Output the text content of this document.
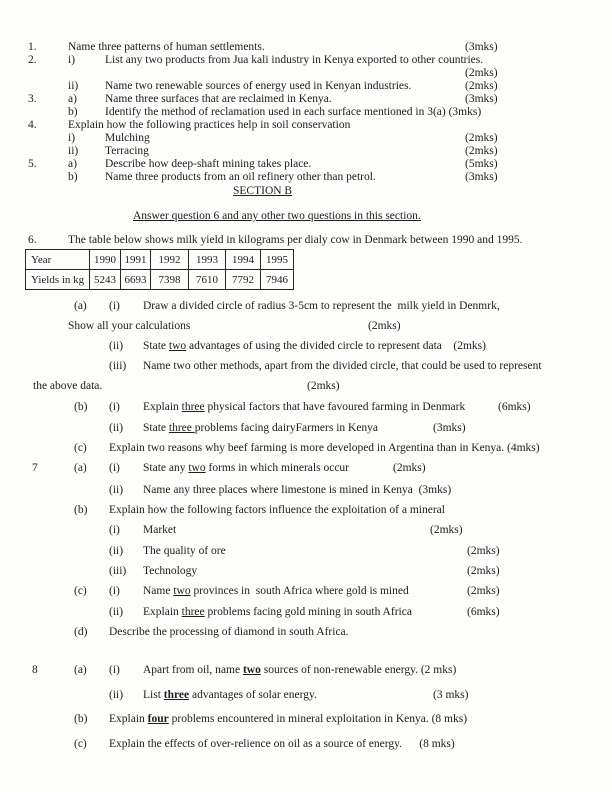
1.	Name three patterns of human settlements.	(3mks)
2.	i)	List any two products from Jua kali industry in Kenya exported to other countries.
(2mks)
ii) Name two renewable sources of energy used in Kenyan industries.	(2mks)
3.	a) Name three surfaces that are reclaimed in Kenya.	(3mks)
b) Identify the method of reclamation used in each surface mentioned in 3(a) (3mks)
4.	Explain how the following practices help in soil conservation
i)	Mulching	(2mks)
ii) Terracing	(2mks)
5.	a) Describe how deep-shaft mining takes place.	(5mks)
b) Name three products from an oil refinery other than petrol.	(3mks)
SECTION B
Answer question 6 and any other two questions in this section.
6.	The table below shows milk yield in kilograms per dialy cow in Denmark between 1990 and 1995.
(a) (i) Draw a divided circle of radius 3-5cm to represent the  milk yield in Denmrk,
Show all your calculations	(2mks)
(ii) State two advantages of using the divided circle to represent data    (2mks)
(iii) Name two other methods, apart from the divided circle, that could be used to represent
the above data.	(2mks)
(b) (i) Explain three physical factors that have favoured farming in Denmark	(6mks)
(ii) State three problems facing dairyFarmers in Kenya	(3mks)
(c) Explain two reasons why beef farming is more developed in Argentina than in Kenya. (4mks)
7	(a) (i) State any two forms in which minerals occur	(2mks)
(ii) Name any three places where limestone is mined in Kenya  (3mks)
(b) Explain how the following factors influence the exploitation of a mineral
(i) Market	(2mks)
(ii) The quality of ore	(2mks)
(iii) Technology	(2mks)
(c) (i) Name two provinces in  south Africa where gold is mined	(2mks)
(ii) Explain three problems facing gold mining in south Africa	(6mks)
(d) Describe the processing of diamond in south Africa.
8	(a) (i) Apart from oil, name two sources of non-renewable energy. (2 mks)
(ii) List three advantages of solar energy.	(3 mks)
(b) Explain four problems encountered in mineral exploitation in Kenya. (8 mks)
(c) Explain the effects of over-relience on oil as a source of energy.      (8 mks)
Year	1990	1991	1992	1993	1994	1995
Yields in kg	5243	6693	7398	7610	7792	7946
